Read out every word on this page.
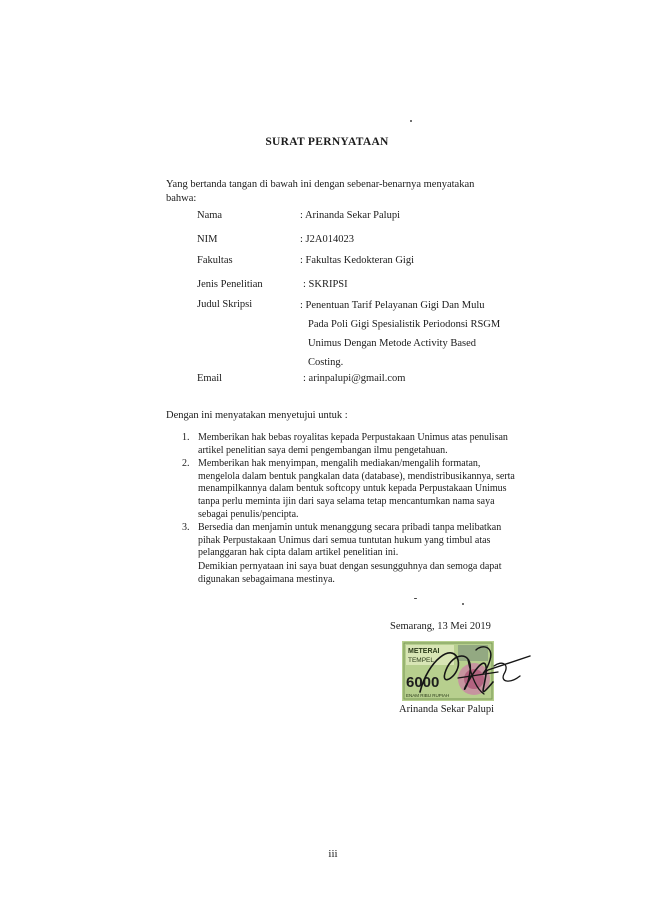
SURAT PERNYATAAN
Yang bertanda tangan di bawah ini dengan sebenar-benarnya menyatakan bahwa:
Nama	: Arinanda Sekar Palupi
NIM	: J2A014023
Fakultas	: Fakultas Kedokteran Gigi
Jenis Penelitian	: SKRIPSI
Judul Skripsi	: Penentuan Tarif Pelayanan Gigi Dan Mulu
Pada Poli Gigi Spesialistik Periodonsi RSGM
Unimus Dengan Metode Activity Based
Costing.
Email	: arinpalupi@gmail.com
Dengan ini menyatakan menyetujui untuk :
1. Memberikan hak bebas royalitas kepada Perpustakaan Unimus atas penulisan artikel penelitian saya demi pengembangan ilmu pengetahuan.
2. Memberikan hak menyimpan, mengalih mediakan/mengalih formatan, mengelola dalam bentuk pangkalan data (database), mendistribusikannya, serta menampilkannya dalam bentuk softcopy untuk kepada Perpustakaan Unimus tanpa perlu meminta ijin dari saya selama tetap mencantumkan nama saya sebagai penulis/pencipta.
3. Bersedia dan menjamin untuk menanggung secara pribadi tanpa melibatkan pihak Perpustakaan Unimus dari semua tuntutan hukum yang timbul atas pelanggaran hak cipta dalam artikel penelitian ini.
Demikian pernyataan ini saya buat dengan sesungguhnya dan semoga dapat digunakan sebagaimana mestinya.
Semarang, 13 Mei 2019
METERAI
TEMPEL
6000
ENAM RIBU RUPIAH
Arinanda Sekar Palupi
iii
